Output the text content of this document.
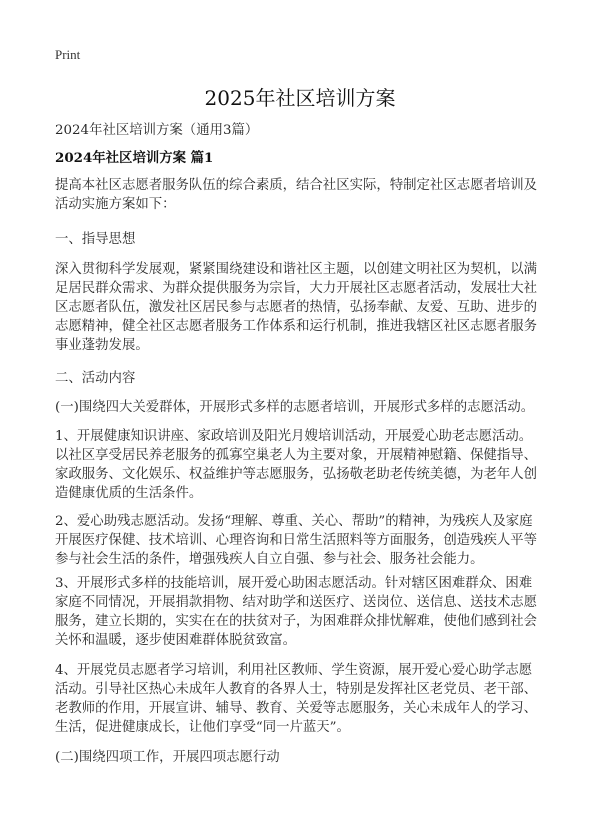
Print
2025年社区培训方案
2024年社区培训方案（通用3篇）
2024年社区培训方案 篇1
提高本社区志愿者服务队伍的综合素质，结合社区实际，特制定社区志愿者培训及
活动实施方案如下：
一、指导思想
深入贯彻科学发展观，紧紧围绕建设和谐社区主题，以创建文明社区为契机，以满
足居民群众需求、为群众提供服务为宗旨，大力开展社区志愿者活动，发展壮大社
区志愿者队伍，激发社区居民参与志愿者的热情，弘扬奉献、友爱、互助、进步的
志愿精神，健全社区志愿者服务工作体系和运行机制，推进我辖区社区志愿者服务
事业蓬勃发展。
二、活动内容
(一)围绕四大关爱群体，开展形式多样的志愿者培训，开展形式多样的志愿活动。
1、开展健康知识讲座、家政培训及阳光月嫂培训活动，开展爱心助老志愿活动。
以社区享受居民养老服务的孤寡空巢老人为主要对象，开展精神慰籍、保健指导、
家政服务、文化娱乐、权益维护等志愿服务，弘扬敬老助老传统美德，为老年人创
造健康优质的生活条件。
2、爱心助残志愿活动。发扬“理解、尊重、关心、帮助”的精神，为残疾人及家庭
开展医疗保健、技术培训、心理咨询和日常生活照料等方面服务，创造残疾人平等
参与社会生活的条件，增强残疾人自立自强、参与社会、服务社会能力。
3、开展形式多样的技能培训，展开爱心助困志愿活动。针对辖区困难群众、困难
家庭不同情况，开展捐款捐物、结对助学和送医疗、送岗位、送信息、送技术志愿
服务，建立长期的，实实在在的扶贫对子，为困难群众排忧解难，使他们感到社会
关怀和温暖，逐步使困难群体脱贫致富。
4、开展党员志愿者学习培训，利用社区教师、学生资源，展开爱心爱心助学志愿
活动。引导社区热心未成年人教育的各界人士，特别是发挥社区老党员、老干部、
老教师的作用，开展宣讲、辅导、教育、关爱等志愿服务，关心未成年人的学习、
生活，促进健康成长，让他们享受“同一片蓝天”。
(二)围绕四项工作，开展四项志愿行动
